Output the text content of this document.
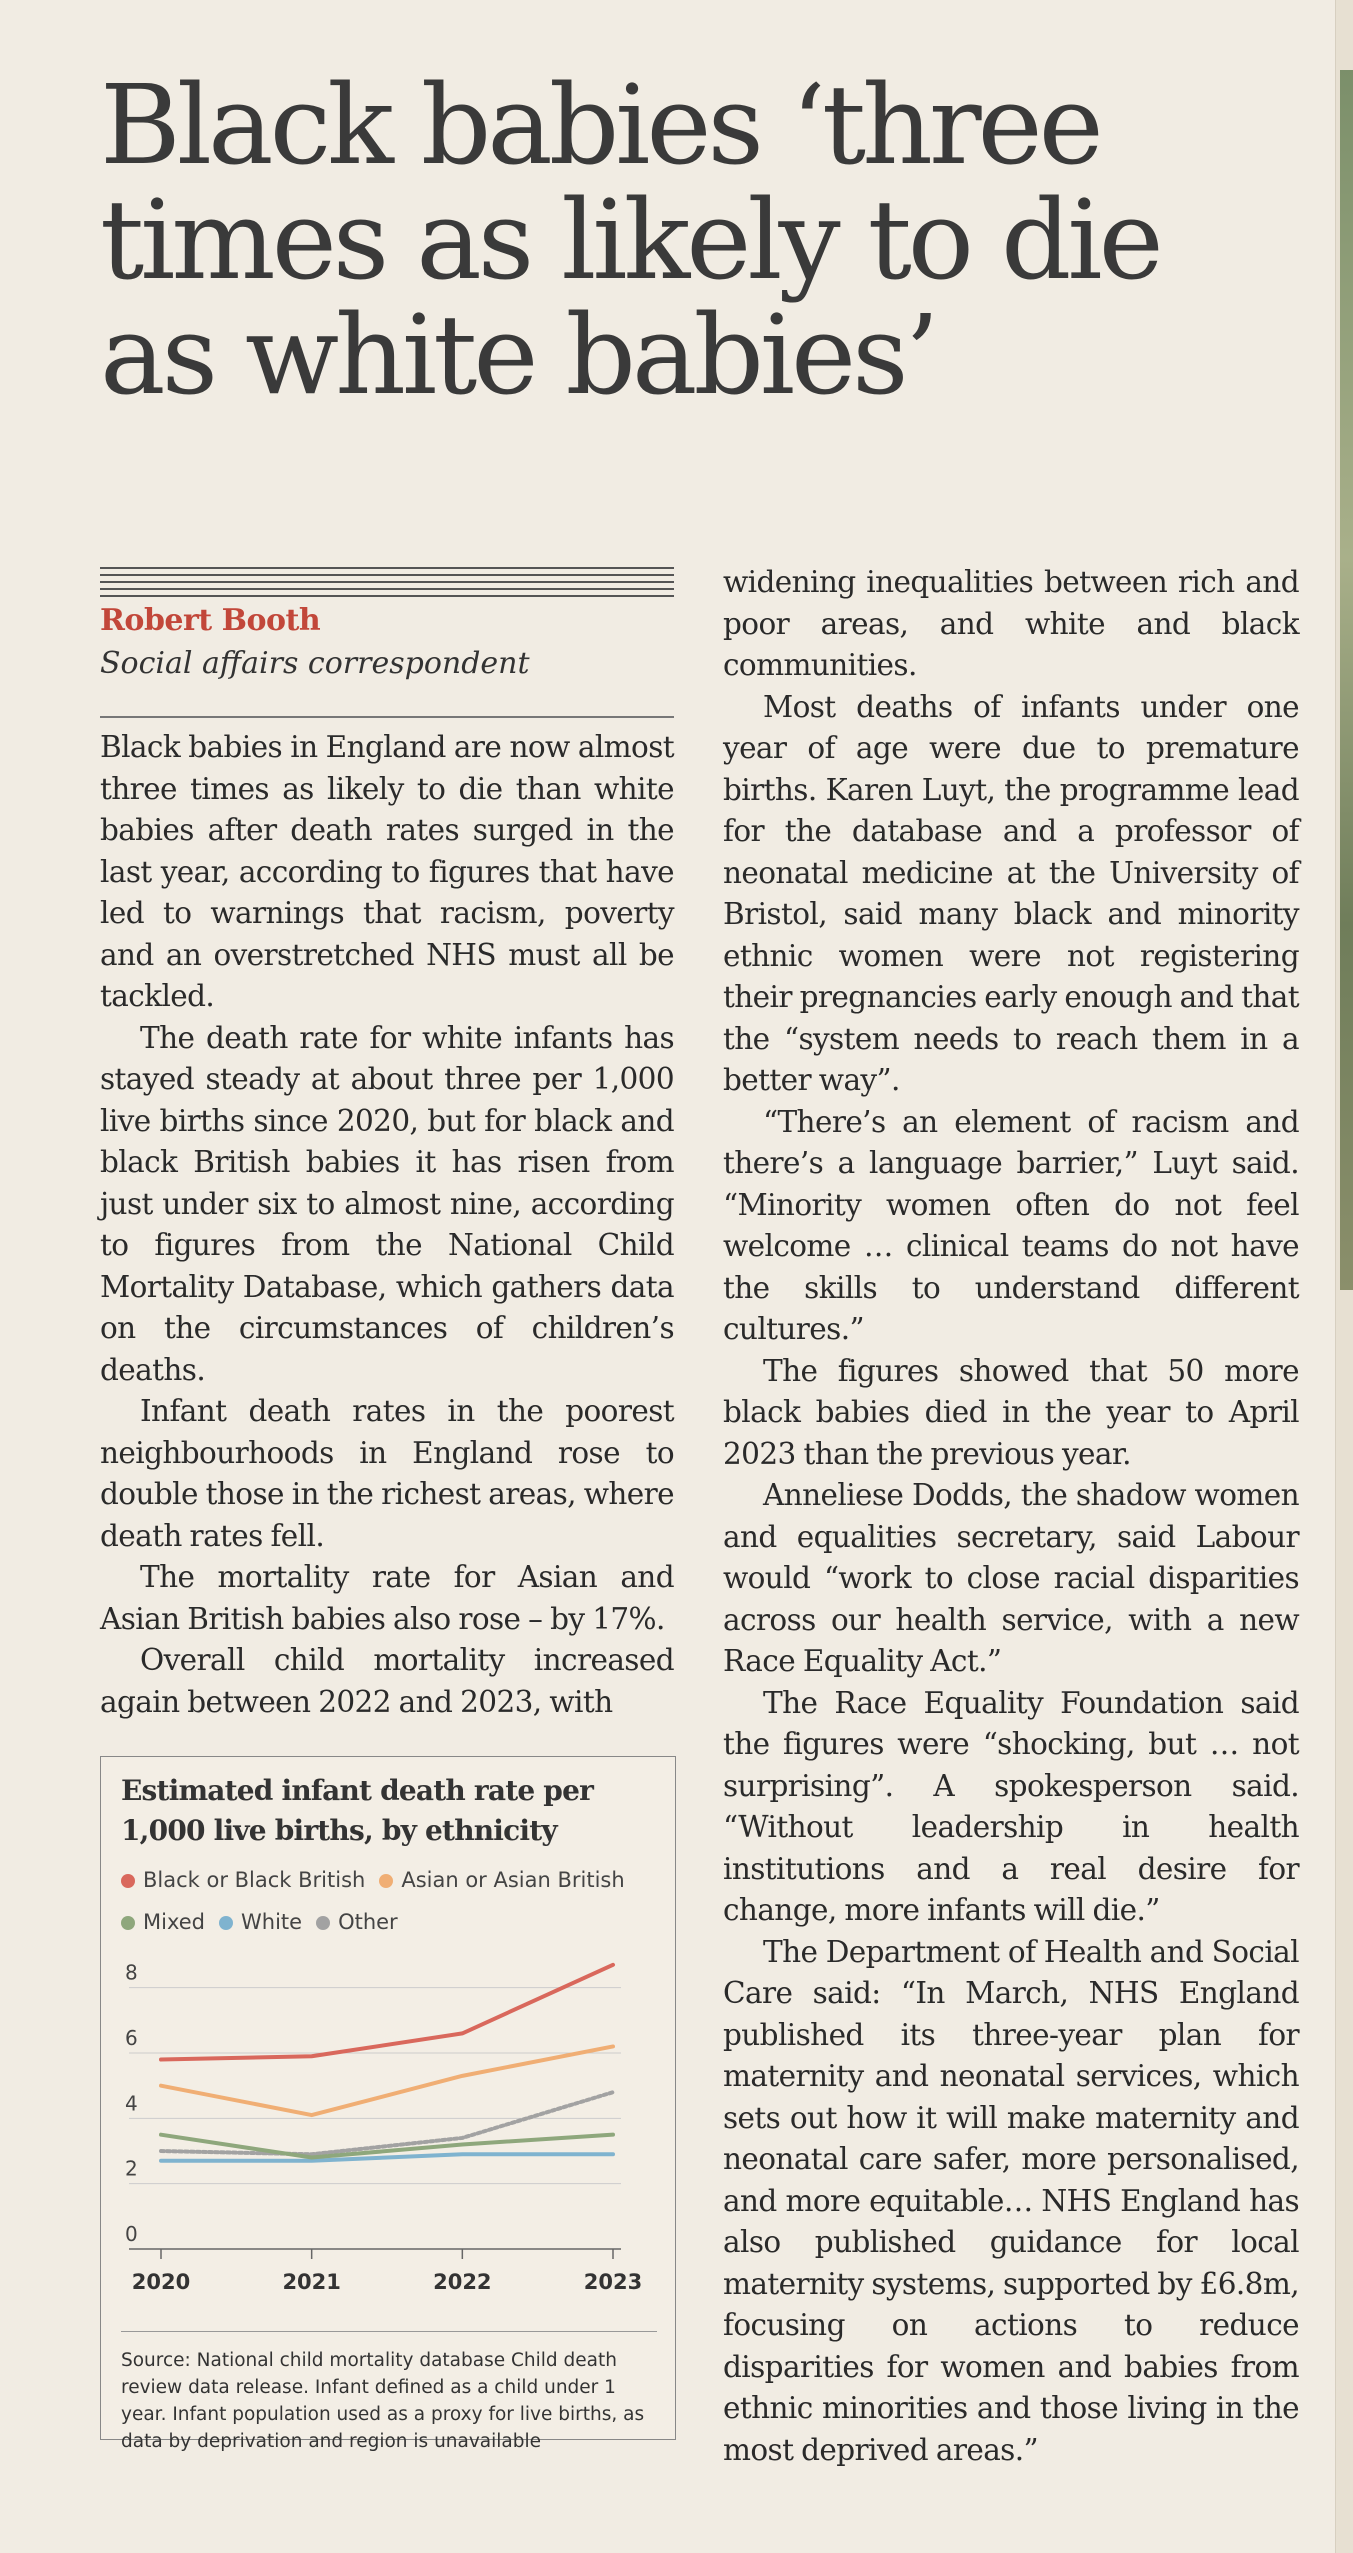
Black babies ‘three times as likely to die as white babies’
Robert Booth
Social affairs correspondent

Black babies in England are now almost three times as likely to die than white babies after death rates surged in the last year, according to figures that have led to warnings that racism, poverty and an overstretched NHS must all be tackled.

The death rate for white infants has stayed steady at about three per 1,000 live births since 2020, but for black and black British babies it has risen from just under six to almost nine, according to figures from the National Child Mortality Database, which gathers data on the circumstances of children’s deaths.

Infant death rates in the poorest neighbourhoods in England rose to double those in the richest areas, where death rates fell.

The mortality rate for Asian and Asian British babies also rose – by 17%.

Overall child mortality increased again between 2022 and 2023, with

Estimated infant death rate per 1,000 live births, by ethnicity
Black or Black British Asian or Asian British
Mixed White Other
0
2
4
6
8
2020	2021	2022	2023
Source: National child mortality database Child death review data release. Infant defined as a child under 1 year. Infant population used as a proxy for live births, as data by deprivation and region is unavailable

widening inequalities between rich and poor areas, and white and black communities.

Most deaths of infants under one year of age were due to premature births. Karen Luyt, the programme lead for the database and a professor of neonatal medicine at the University of Bristol, said many black and minority ethnic women were not registering their pregnancies early enough and that the “system needs to reach them in a better way”.

“There’s an element of racism and there’s a language barrier,” Luyt said. “Minority women often do not feel welcome … clinical teams do not have the skills to understand different cultures.”

The figures showed that 50 more black babies died in the year to April 2023 than the previous year.

Anneliese Dodds, the shadow women and equalities secretary, said Labour would “work to close racial disparities across our health service, with a new Race Equality Act.”

The Race Equality Foundation said the figures were “shocking, but … not surprising”. A spokesperson said. “Without leadership in health institutions and a real desire for change, more infants will die.”

The Department of Health and Social Care said: “In March, NHS England published its three-year plan for maternity and neonatal services, which sets out how it will make maternity and neonatal care safer, more personalised, and more equitable… NHS England has also published guidance for local maternity systems, supported by £6.8m, focusing on actions to reduce disparities for women and babies from ethnic minorities and those living in the most deprived areas.”
